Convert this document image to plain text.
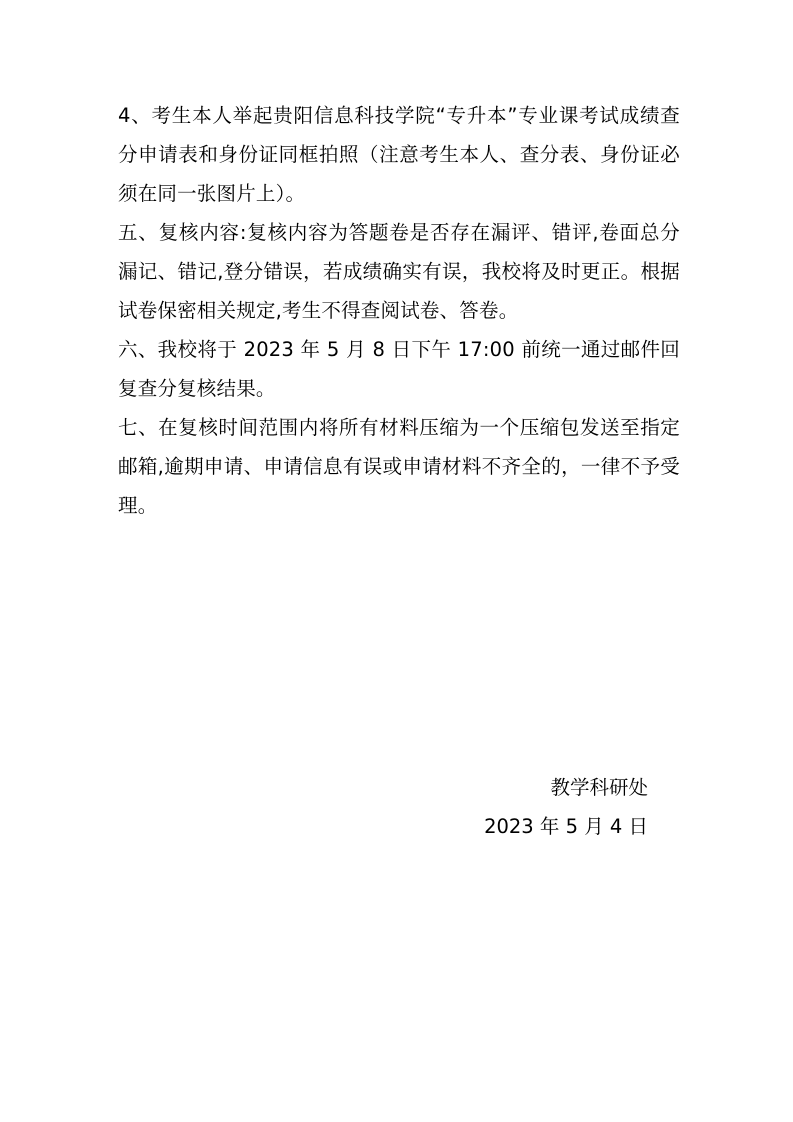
4、考生本人举起贵阳信息科技学院“专升本”专业课考试成绩查分申请表和身份证同框拍照（注意考生本人、查分表、身份证必须在同一张图片上）。

五、复核内容:复核内容为答题卷是否存在漏评、错评,卷面总分漏记、错记,登分错误，若成绩确实有误，我校将及时更正。根据试卷保密相关规定,考生不得查阅试卷、答卷。

六、我校将于 2023 年 5 月 8 日下午 17:00 前统一通过邮件回复查分复核结果。

七、在复核时间范围内将所有材料压缩为一个压缩包发送至指定邮箱,逾期申请、申请信息有误或申请材料不齐全的，一律不予受理。

教学科研处
2023 年 5 月 4 日
